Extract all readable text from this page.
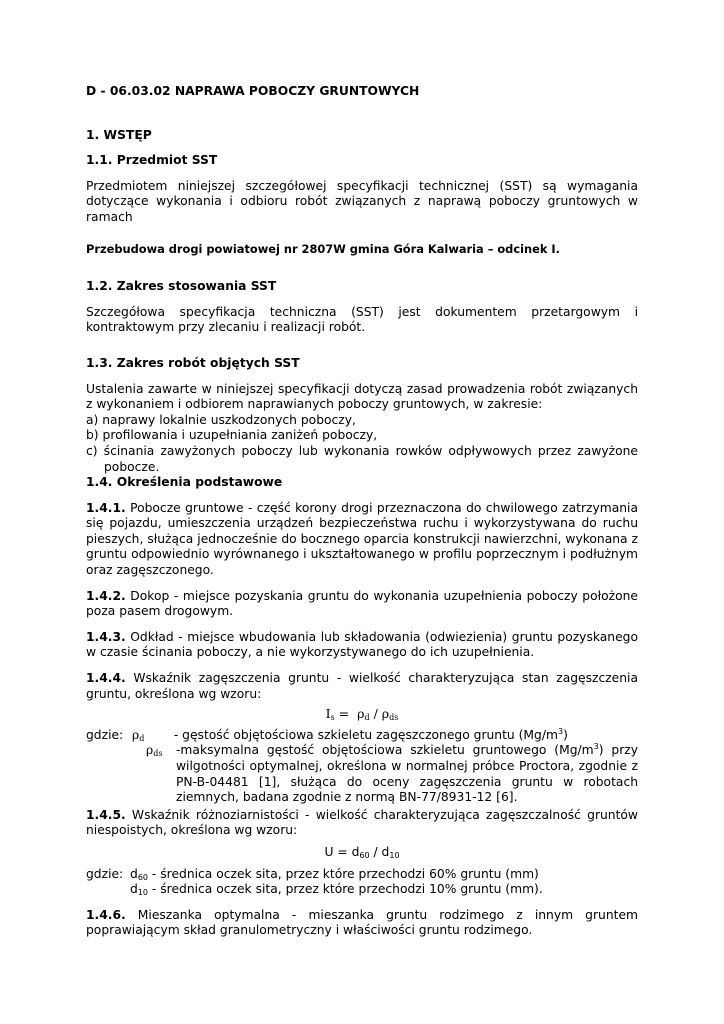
D - 06.03.02 NAPRAWA POBOCZY GRUNTOWYCH

1. WSTĘP

1.1. Przedmiot SST

Przedmiotem niniejszej szczegółowej specyfikacji technicznej (SST) są wymagania dotyczące wykonania i odbioru robót związanych z naprawą poboczy gruntowych w ramach

Przebudowa drogi powiatowej nr 2807W gmina Góra Kalwaria – odcinek I.

1.2. Zakres stosowania SST

Szczegółowa specyfikacja techniczna (SST) jest dokumentem przetargowym i kontraktowym przy zlecaniu i realizacji robót.

1.3. Zakres robót objętych SST

Ustalenia zawarte w niniejszej specyfikacji dotyczą zasad prowadzenia robót związanych z wykonaniem i odbiorem naprawianych poboczy gruntowych, w zakresie:

a) naprawy lokalnie uszkodzonych poboczy,
b) profilowania i uzupełniania zaniżeń poboczy,
c) ścinania zawyżonych poboczy lub wykonania rowków odpływowych przez zawyżone pobocze.

1.4. Określenia podstawowe

1.4.1. Pobocze gruntowe - część korony drogi przeznaczona do chwilowego zatrzymania się pojazdu, umieszczenia urządzeń bezpieczeństwa ruchu i wykorzystywana do ruchu pieszych, służąca jednocześnie do bocznego oparcia konstrukcji nawierzchni, wykonana z gruntu odpowiednio wyrównanego i ukształtowanego w profilu poprzecznym i podłużnym oraz zagęszczonego.

1.4.2. Dokop - miejsce pozyskania gruntu do wykonania uzupełnienia poboczy położone poza pasem drogowym.

1.4.3. Odkład - miejsce wbudowania lub składowania (odwiezienia) gruntu pozyskanego w czasie ścinania poboczy, a nie wykorzystywanego do ich uzupełnienia.

1.4.4. Wskaźnik zagęszczenia gruntu - wielkość charakteryzująca stan zagęszczenia gruntu, określona wg wzoru:

$I_s = \rho_d / \rho_{ds}$
gdzie: $\rho_d$  - gęstość objętościowa szkieletu zagęszczonego gruntu $(Mg/m^3)$
$\rho_{ds}$	-maksymalna gęstość objętościowa szkieletu gruntowego $(Mg/m^3)$ przy wilgotności optymalnej, określona w normalnej próbce Proctora, zgodnie z PN-B-04481 [1], służąca do oceny zagęszczenia gruntu w robotach ziemnych, badana zgodnie z normą BN-77/8931-12 [6].

1.4.5. Wskaźnik różnoziarnistości - wielkość charakteryzująca zagęszczalność gruntów niespoistych, określona wg wzoru:

$U = d_{60} / d_{10}$
gdzie: $d_{60}$ - średnica oczek sita, przez które przechodzi 60% gruntu (mm)
$d_{10}$ - średnica oczek sita, przez które przechodzi 10% gruntu (mm).

1.4.6. Mieszanka optymalna - mieszanka gruntu rodzimego z innym gruntem poprawiającym skład granulometryczny i właściwości gruntu rodzimego.
